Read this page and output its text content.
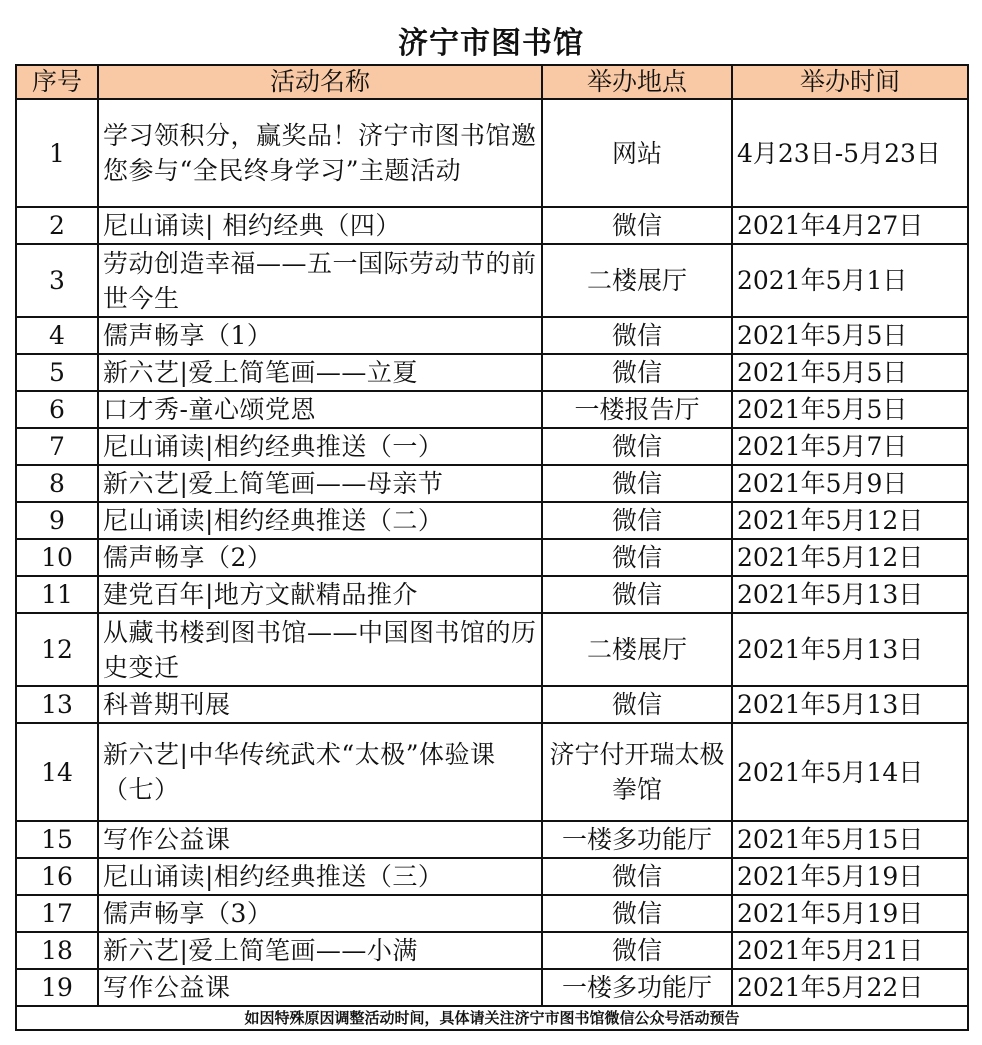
济宁市图书馆
序号	活动名称	举办地点	举办时间
1	学习领积分，赢奖品！济宁市图书馆邀您参与“全民终身学习”主题活动	网站	4月23日-5月23日
2	尼山诵读| 相约经典（四）	微信	2021年4月27日
3	劳动创造幸福——五一国际劳动节的前世今生	二楼展厅	2021年5月1日
4	儒声畅享（1）	微信	2021年5月5日
5	新六艺|爱上简笔画——立夏	微信	2021年5月5日
6	口才秀-童心颂党恩	一楼报告厅	2021年5月5日
7	尼山诵读|相约经典推送（一）	微信	2021年5月7日
8	新六艺|爱上简笔画——母亲节	微信	2021年5月9日
9	尼山诵读|相约经典推送（二）	微信	2021年5月12日
10	儒声畅享（2）	微信	2021年5月12日
11	建党百年|地方文献精品推介	微信	2021年5月13日
12	从藏书楼到图书馆——中国图书馆的历史变迁	二楼展厅	2021年5月13日
13	科普期刊展	微信	2021年5月13日
14	新六艺|中华传统武术“太极”体验课（七）	济宁付开瑞太极拳馆	2021年5月14日
15	写作公益课	一楼多功能厅	2021年5月15日
16	尼山诵读|相约经典推送（三）	微信	2021年5月19日
17	儒声畅享（3）	微信	2021年5月19日
18	新六艺|爱上简笔画——小满	微信	2021年5月21日
19	写作公益课	一楼多功能厅	2021年5月22日
如因特殊原因调整活动时间，具体请关注济宁市图书馆微信公众号活动预告			
